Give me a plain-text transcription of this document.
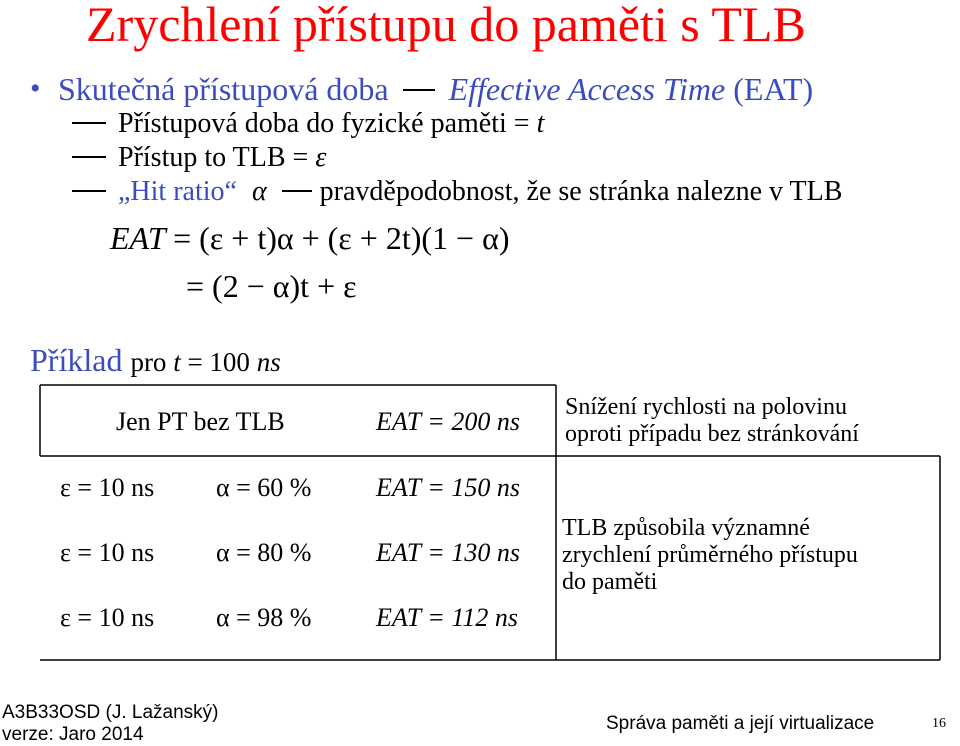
Zrychlení přístupu do paměti s TLB
• Skutečná přístupová doba Effective Access Time (EAT)
Přístupová doba do fyzické paměti = t
Přístup to TLB = ε
„Hit ratio“ α pravděpodobnost, že se stránka nalezne v TLB
EAT = (ε + t)α + (ε + 2t)(1 − α)
= (2 − α)t + ε
Příklad pro t = 100 ns
Jen PT bez TLB	EAT = 200 ns Snížení rychlosti na polovinu
oproti případu bez stránkování
ε = 10 ns α = 60 % EAT = 150 ns
ε = 10 ns α = 80 % EAT = 130 ns
ε = 10 ns α = 98 % EAT = 112 ns
TLB způsobila významné
zrychlení průměrného přístupu
do paměti
A3B33OSD (J. Lažanský)
verze: Jaro 2014
Správa paměti a její virtualizace	16
